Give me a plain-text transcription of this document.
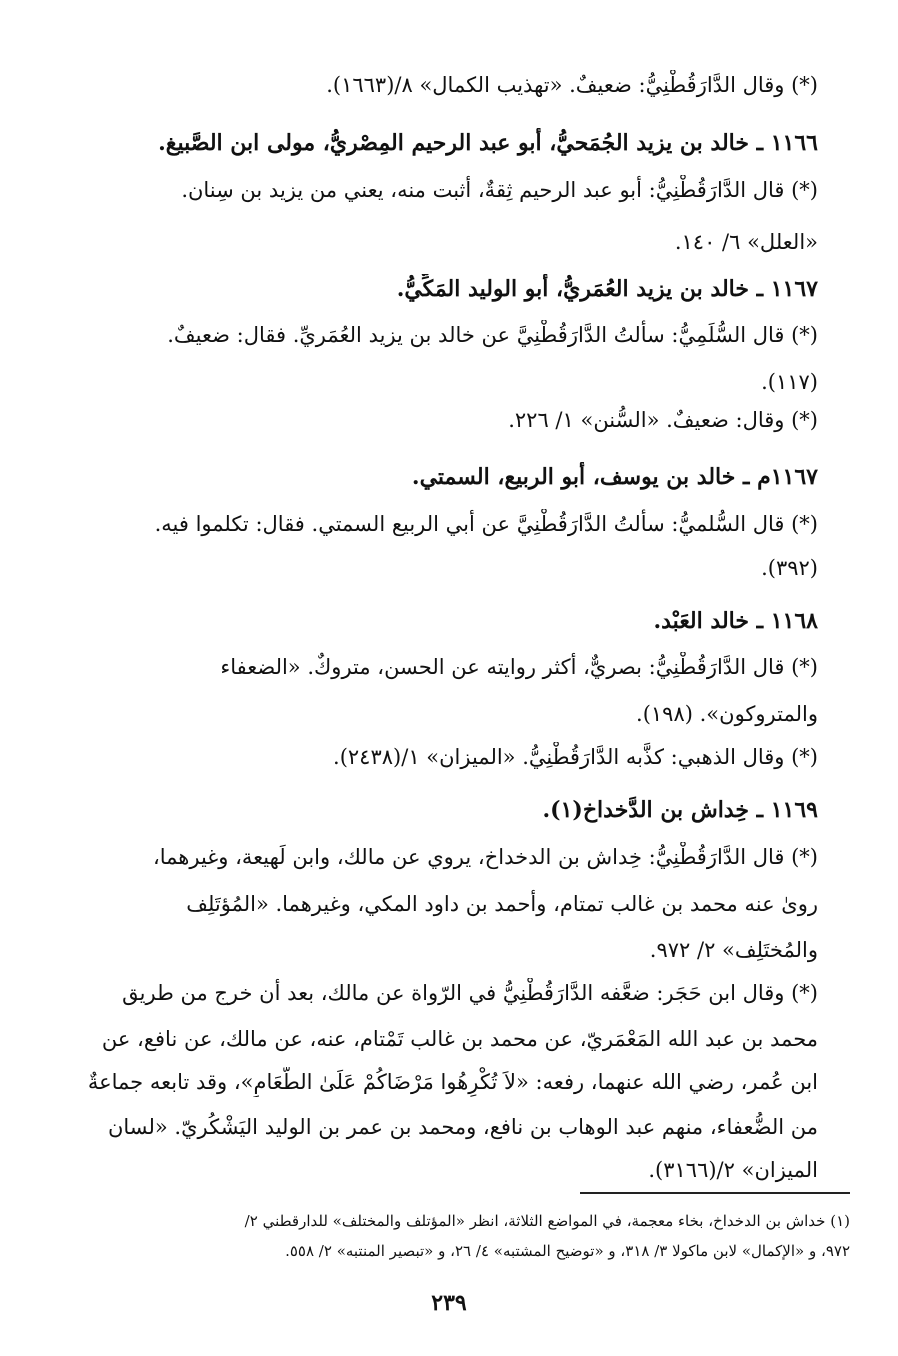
(*) وقال الدَّارَقُطْنِيُّ: ضعيفٌ. «تهذيب الكمال» ٨/(١٦٦٣).
١١٦٦ ـ خالد بن يزيد الجُمَحيُّ، أبو عبد الرحيم المِصْريُّ، مولى ابن الصَّبيغ.
(*) قال الدَّارَقُطْنِيُّ: أبو عبد الرحيم ثِقةٌ، أثبت منه، يعني من يزيد بن سِنان.
«العلل» ٦/ ١٤٠.
١١٦٧ ـ خالد بن يزيد العُمَريُّ، أبو الوليد المَكِّيُّ.
(*) قال السُّلَمِيُّ: سألتُ الدَّارَقُطْنِيَّ عن خالد بن يزيد العُمَريِّ. فقال: ضعيفٌ.
(١١٧).
(*) وقال: ضعيفٌ. «السُّنن» ١/ ٢٢٦.
١١٦٧م ـ خالد بن يوسف، أبو الربيع، السمتي.
(*) قال السُّلميُّ: سألتُ الدَّارَقُطْنِيَّ عن أبي الربيع السمتي. فقال: تكلموا فيه.
(٣٩٢).
١١٦٨ ـ خالد العَبْد.
(*) قال الدَّارَقُطْنِيُّ: بصريٌّ، أكثر روايته عن الحسن، متروكٌ. «الضعفاء
والمتروكون». (١٩٨).
(*) وقال الذهبي: كذَّبه الدَّارَقُطْنِيُّ. «الميزان» ١/(٢٤٣٨).
١١٦٩ ـ خِداش بن الدَّخداخ(١).
(*) قال الدَّارَقُطْنِيُّ: خِداش بن الدخداخ، يروي عن مالك، وابن لَهيعة، وغيرهما،
روىٰ عنه محمد بن غالب تمتام، وأحمد بن داود المكي، وغيرهما. «المُؤتَلِف
والمُختَلِف» ٢/ ٩٧٢.
(*) وقال ابن حَجَر: ضعَّفه الدَّارَقُطْنِيُّ في الرّواة عن مالك، بعد أن خرج من طريق
محمد بن عبد الله المَعْمَريّ، عن محمد بن غالب تَمْتام، عنه، عن مالك، عن نافع، عن
ابن عُمر، رضي الله عنهما، رفعه: «لاَ تُكْرِهُوا مَرْضَاكُمْ عَلَىٰ الطَّعَامِ»، وقد تابعه جماعةٌ
من الضُّعفاء، منهم عبد الوهاب بن نافع، ومحمد بن عمر بن الوليد اليَشْكُريّ. «لسان
الميزان» ٢/(٣١٦٦).
(١) خداش بن الدخداخ، بخاء معجمة، في المواضع الثلاثة، انظر «المؤتلف والمختلف» للدارقطني ٢/
٩٧٢، و «الإكمال» لابن ماكولا ٣/ ٣١٨، و «توضيح المشتبه» ٤/ ٢٦، و «تبصير المنتبه» ٢/ ٥٥٨.
٢٣٩
